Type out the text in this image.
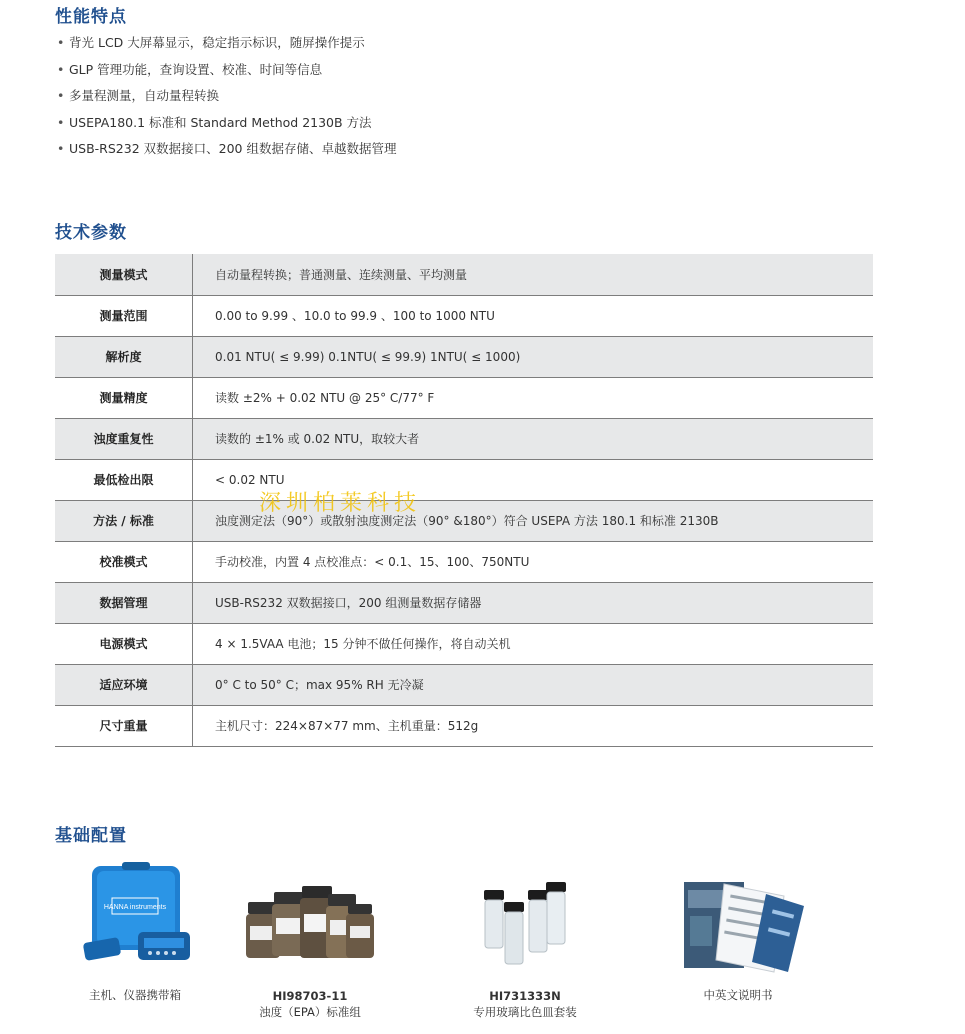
性能特点
• 背光 LCD 大屏幕显示，稳定指示标识，随屏操作提示
• GLP 管理功能，查询设置、校准、时间等信息
• 多量程测量，自动量程转换
• USEPA180.1 标准和 Standard Method 2130B 方法
• USB-RS232 双数据接口、200 组数据存储、卓越数据管理
技术参数
测量模式	自动量程转换；普通测量、连续测量、平均测量
测量范围	0.00 to 9.99 、10.0 to 99.9 、100 to 1000 NTU
解析度	0.01 NTU( ≤ 9.99) 0.1NTU( ≤ 99.9) 1NTU( ≤ 1000)
测量精度	读数 ±2% + 0.02 NTU @ 25° C/77° F
浊度重复性	读数的 ±1% 或 0.02 NTU，取较大者
最低检出限	< 0.02 NTU
方法 / 标准	浊度测定法（90°）或散射浊度测定法（90° &180°）符合 USEPA 方法 180.1 和标准 2130B
校准模式	手动校准，内置 4 点校准点：< 0.1、15、100、750NTU
数据管理	USB-RS232 双数据接口，200 组测量数据存储器
电源模式	4 × 1.5VAA 电池；15 分钟不做任何操作，将自动关机
适应环境	0° C to 50° C；max 95% RH 无冷凝
尺寸重量	主机尺寸：224×87×77 mm、主机重量：512g

深圳柏莱科技

基础配置
HANNA instruments
主机、仪器携带箱	HI98703-11
浊度（EPA）标准组
HI731333N
专用玻璃比色皿套装
中英文说明书
